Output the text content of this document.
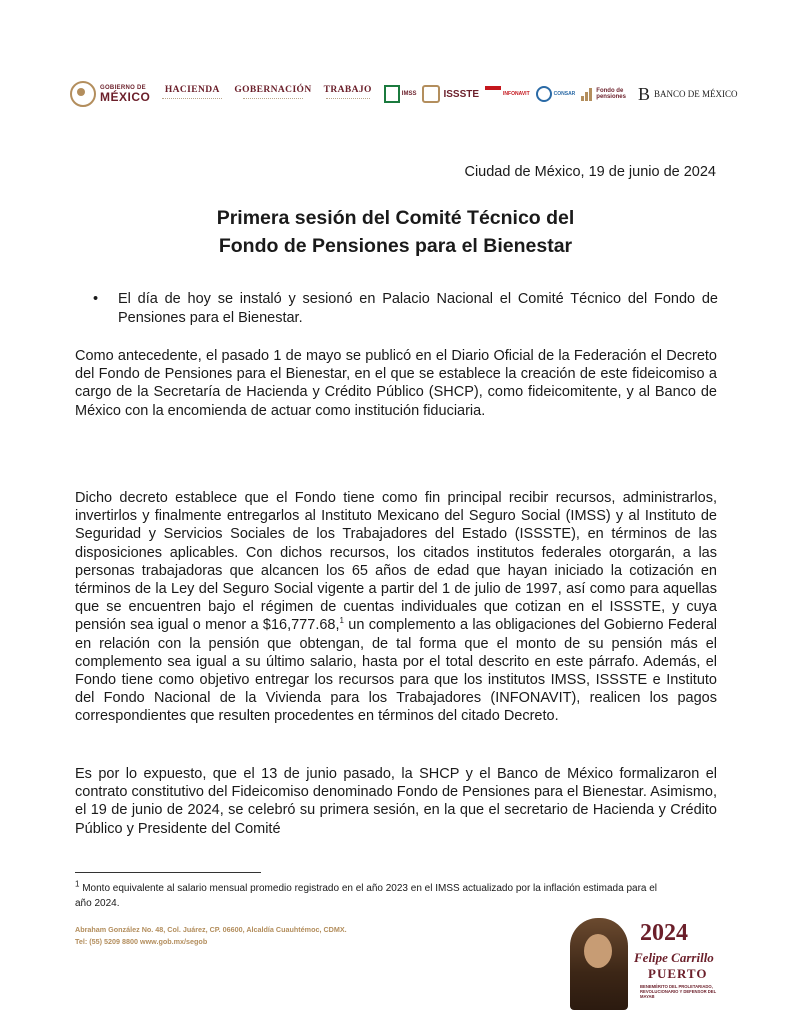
GOBIERNO DE
MÉXICO HACIENDA GOBERNACIÓN TRABAJO	IMSS	ISSSTE	INFONAVIT	CONSAR	Fondo de
pensiones B BANCO DE MÉXICO
Ciudad de México, 19 de junio de 2024
Primera sesión del Comité Técnico del
Fondo de Pensiones para el Bienestar
• El día de hoy se instaló y sesionó en Palacio Nacional el Comité Técnico del Fondo de Pensiones para el Bienestar.
Como antecedente, el pasado 1 de mayo se publicó en el Diario Oficial de la Federación el Decreto del Fondo de Pensiones para el Bienestar, en el que se establece la creación de este fideicomiso a cargo de la Secretaría de Hacienda y Crédito Público (SHCP), como fideicomitente, y al Banco de México con la encomienda de actuar como institución fiduciaria.
Dicho decreto establece que el Fondo tiene como fin principal recibir recursos, administrarlos, invertirlos y finalmente entregarlos al Instituto Mexicano del Seguro Social (IMSS) y al Instituto de Seguridad y Servicios Sociales de los Trabajadores del Estado (ISSSTE), en términos de las disposiciones aplicables. Con dichos recursos, los citados institutos federales otorgarán, a las personas trabajadoras que alcancen los 65 años de edad que hayan iniciado la cotización en términos de la Ley del Seguro Social vigente a partir del 1 de julio de 1997, así como para aquellas que se encuentren bajo el régimen de cuentas individuales que cotizan en el ISSSTE, y cuya pensión sea igual o menor a $16,777.68,$^1$ un complemento a las obligaciones del Gobierno Federal en relación con la pensión que obtengan, de tal forma que el monto de su pensión más el complemento sea igual a su último salario, hasta por el total descrito en este párrafo. Además, el Fondo tiene como objetivo entregar los recursos para que los institutos IMSS, ISSSTE e Instituto del Fondo Nacional de la Vivienda para los Trabajadores (INFONAVIT), realicen los pagos correspondientes que resulten procedentes en términos del citado Decreto.
Es por lo expuesto, que el 13 de junio pasado, la SHCP y el Banco de México formalizaron el contrato constitutivo del Fideicomiso denominado Fondo de Pensiones para el Bienestar. Asimismo, el 19 de junio de 2024, se celebró su primera sesión, en la que el secretario de Hacienda y Crédito Público y Presidente del Comité
$^1$ Monto equivalente al salario mensual promedio registrado en el año 2023 en el IMSS actualizado por la inflación estimada para el año 2024.
Abraham González No. 48, Col. Juárez, CP. 06600, Alcaldía Cuauhtémoc, CDMX.
Tel: (55) 5209 8800 www.gob.mx/segob	2024
Felipe Carrillo
PUERTO
BENEMÉRITO DEL PROLETARIADO, REVOLUCIONARIO Y DEFENSOR DEL MAYAB
